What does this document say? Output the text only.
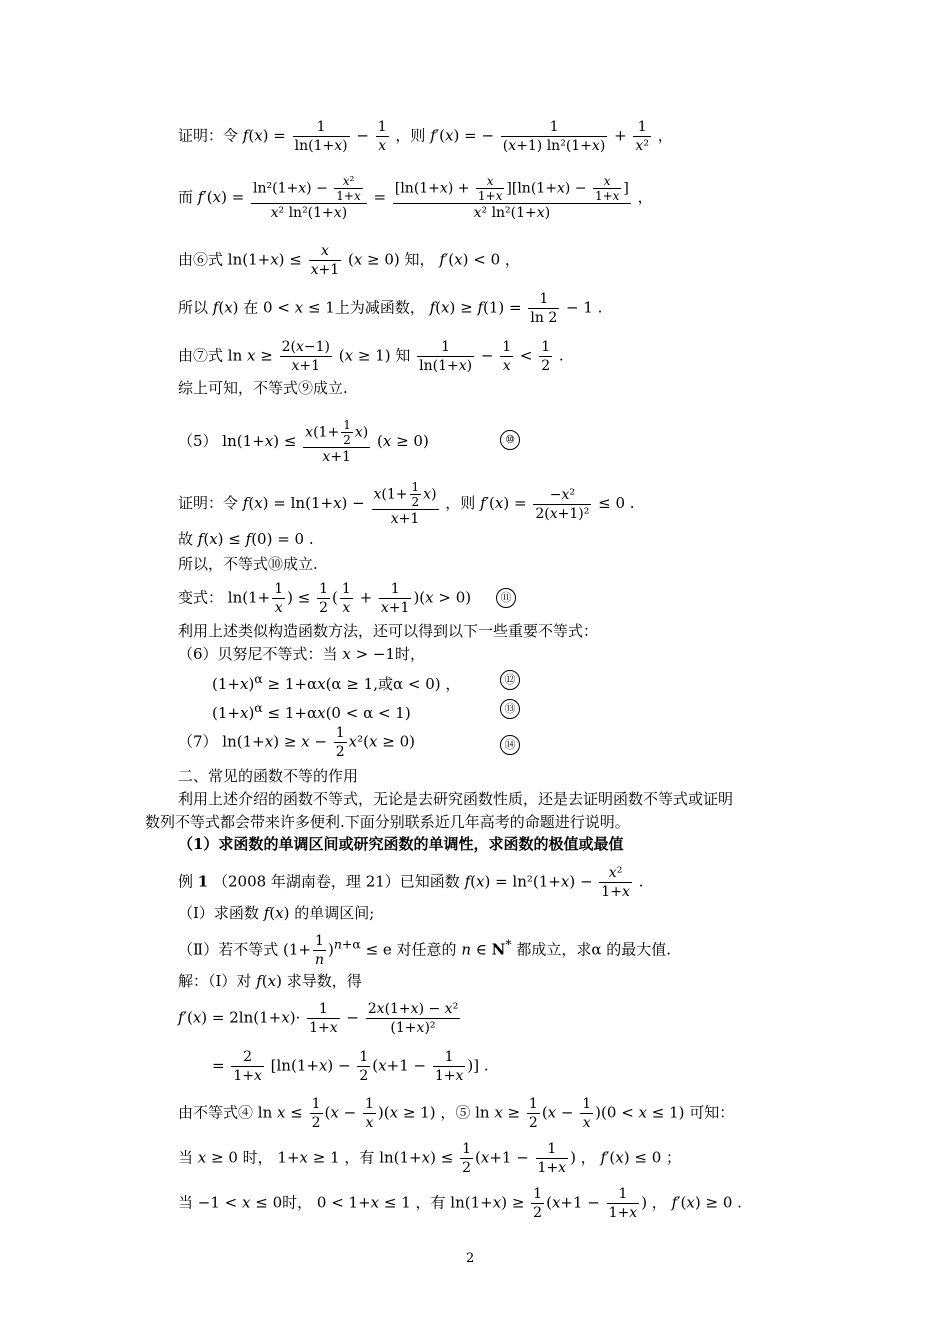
证明：令 $f(x) = \frac{1}{\ln(1+x)} - \frac{1}{x}$ ，则 f′(x) = − $\frac{1}{\text{(x+1) ln²(1+x)}} + \frac{1}{\text{x²}}$ ，
而 $f'(x) = \frac{\ln^2(1+x) - \frac{\text{x²}}{1+x}}{\text{x² ln²(1+x)}} = \frac{[\ln(1+x) + \frac{x}{1+x} ][\ln(1+x) - \frac{x}{1+x} ]}{\text{x² ln²(1+x)}}$ ，
由⑥式 $\ln(1+x) \le \frac{x}{x+1} (x \ge 0)$ 知， f′(x) < 0 ，
所以 f(x) 在 0 < x ≤ 1上为减函数， $f(x) \ge f(1) = \frac{1}{\ln 2} - 1$ .
由⑦式 $\ln x \ge \frac{2(x-1)}{x+1} (x \ge 1)$ 知 $\frac{1}{\ln(1+x)} - \frac{1}{x} < \frac{1}{2}$ .
综上可知，不等式⑨成立.
（5） $\ln(1+x) \le \frac{x(1+ \frac{1}{2} x)}{x+1} (x \ge 0)$	⑩
证明：令 $f(x) = \ln(1+x) - \frac{x(1+ \frac{1}{2} x)}{x+1}$ ，则 $f'(x) = \frac{\text{−x²}}{\text{2(x+1)²}} \le 0$ .
故 f(x) ≤ f(0) = 0 .
所以，不等式⑩成立.
变式： $\ln(1+ \frac{1}{x}$ ) ≤ $\frac{1}{2}$ ( $\frac{1}{x} + \frac{1}{x+1} )(x > 0)$	⑪
利用上述类似构造函数方法，还可以得到以下一些重要不等式：
（6）贝努尼不等式：当 x > −1时，
$(1+x)^\alpha \ge 1+\alpha x(\alpha \ge 1$,或α < 0) ，	⑫
$(1+x)^\alpha \le 1+\alpha x(0 < \alpha < 1)$	⑬
（7） $\ln(1+x) \ge x - \frac{1}{2} x^2(x \ge 0)$	⑭
二、常见的函数不等的作用
利用上述介绍的函数不等式，无论是去研究函数性质，还是去证明函数不等式或证明
数列不等式都会带来许多便利.下面分别联系近几年高考的命题进行说明。
（1）求函数的单调区间或研究函数的单调性，求函数的极值或最值
例 1 （2008 年湖南卷，理 21）已知函数 $f(x) = \ln^2(1+x) - \frac{\text{x²}}{1+x}$ .
（Ⅰ）求函数 f(x) 的单调区间;
（Ⅱ）若不等式 $(1+ \frac{1}{n} )^{n+\alpha} \le e$ 对任意的 n ∈ N* 都成立，求α 的最大值.
解：（Ⅰ）对 f(x) 求导数，得
$f'(x) = 2\ln(1+x)\cdot \frac{1}{1+x} - \frac{\text{2x(1+x) − x²}}{\text{(1+x)²}}$
= $\frac{2}{1+x} [\ln(1+x) - \frac{1}{2} (x+1 - \frac{1}{1+x}$ )] .
由不等式④ $\ln x \le \frac{1}{2} (x - \frac{1}{x} )(x \ge 1)$ ，⑤ $\ln x \ge \frac{1}{2} (x - \frac{1}{x} )(0 < x \le 1)$ 可知：
当 x ≥ 0 时， 1+x ≥ 1 ，有 $\ln(1+x) \le \frac{1}{2} (x+1 - \frac{1}{1+x}$ ) ， f′(x) ≤ 0 ；
当 −1 < x ≤ 0时， 0 < 1+x ≤ 1 ，有 $\ln(1+x) \ge \frac{1}{2} (x+1 - \frac{1}{1+x}$ ) ， f′(x) ≥ 0 .
2
